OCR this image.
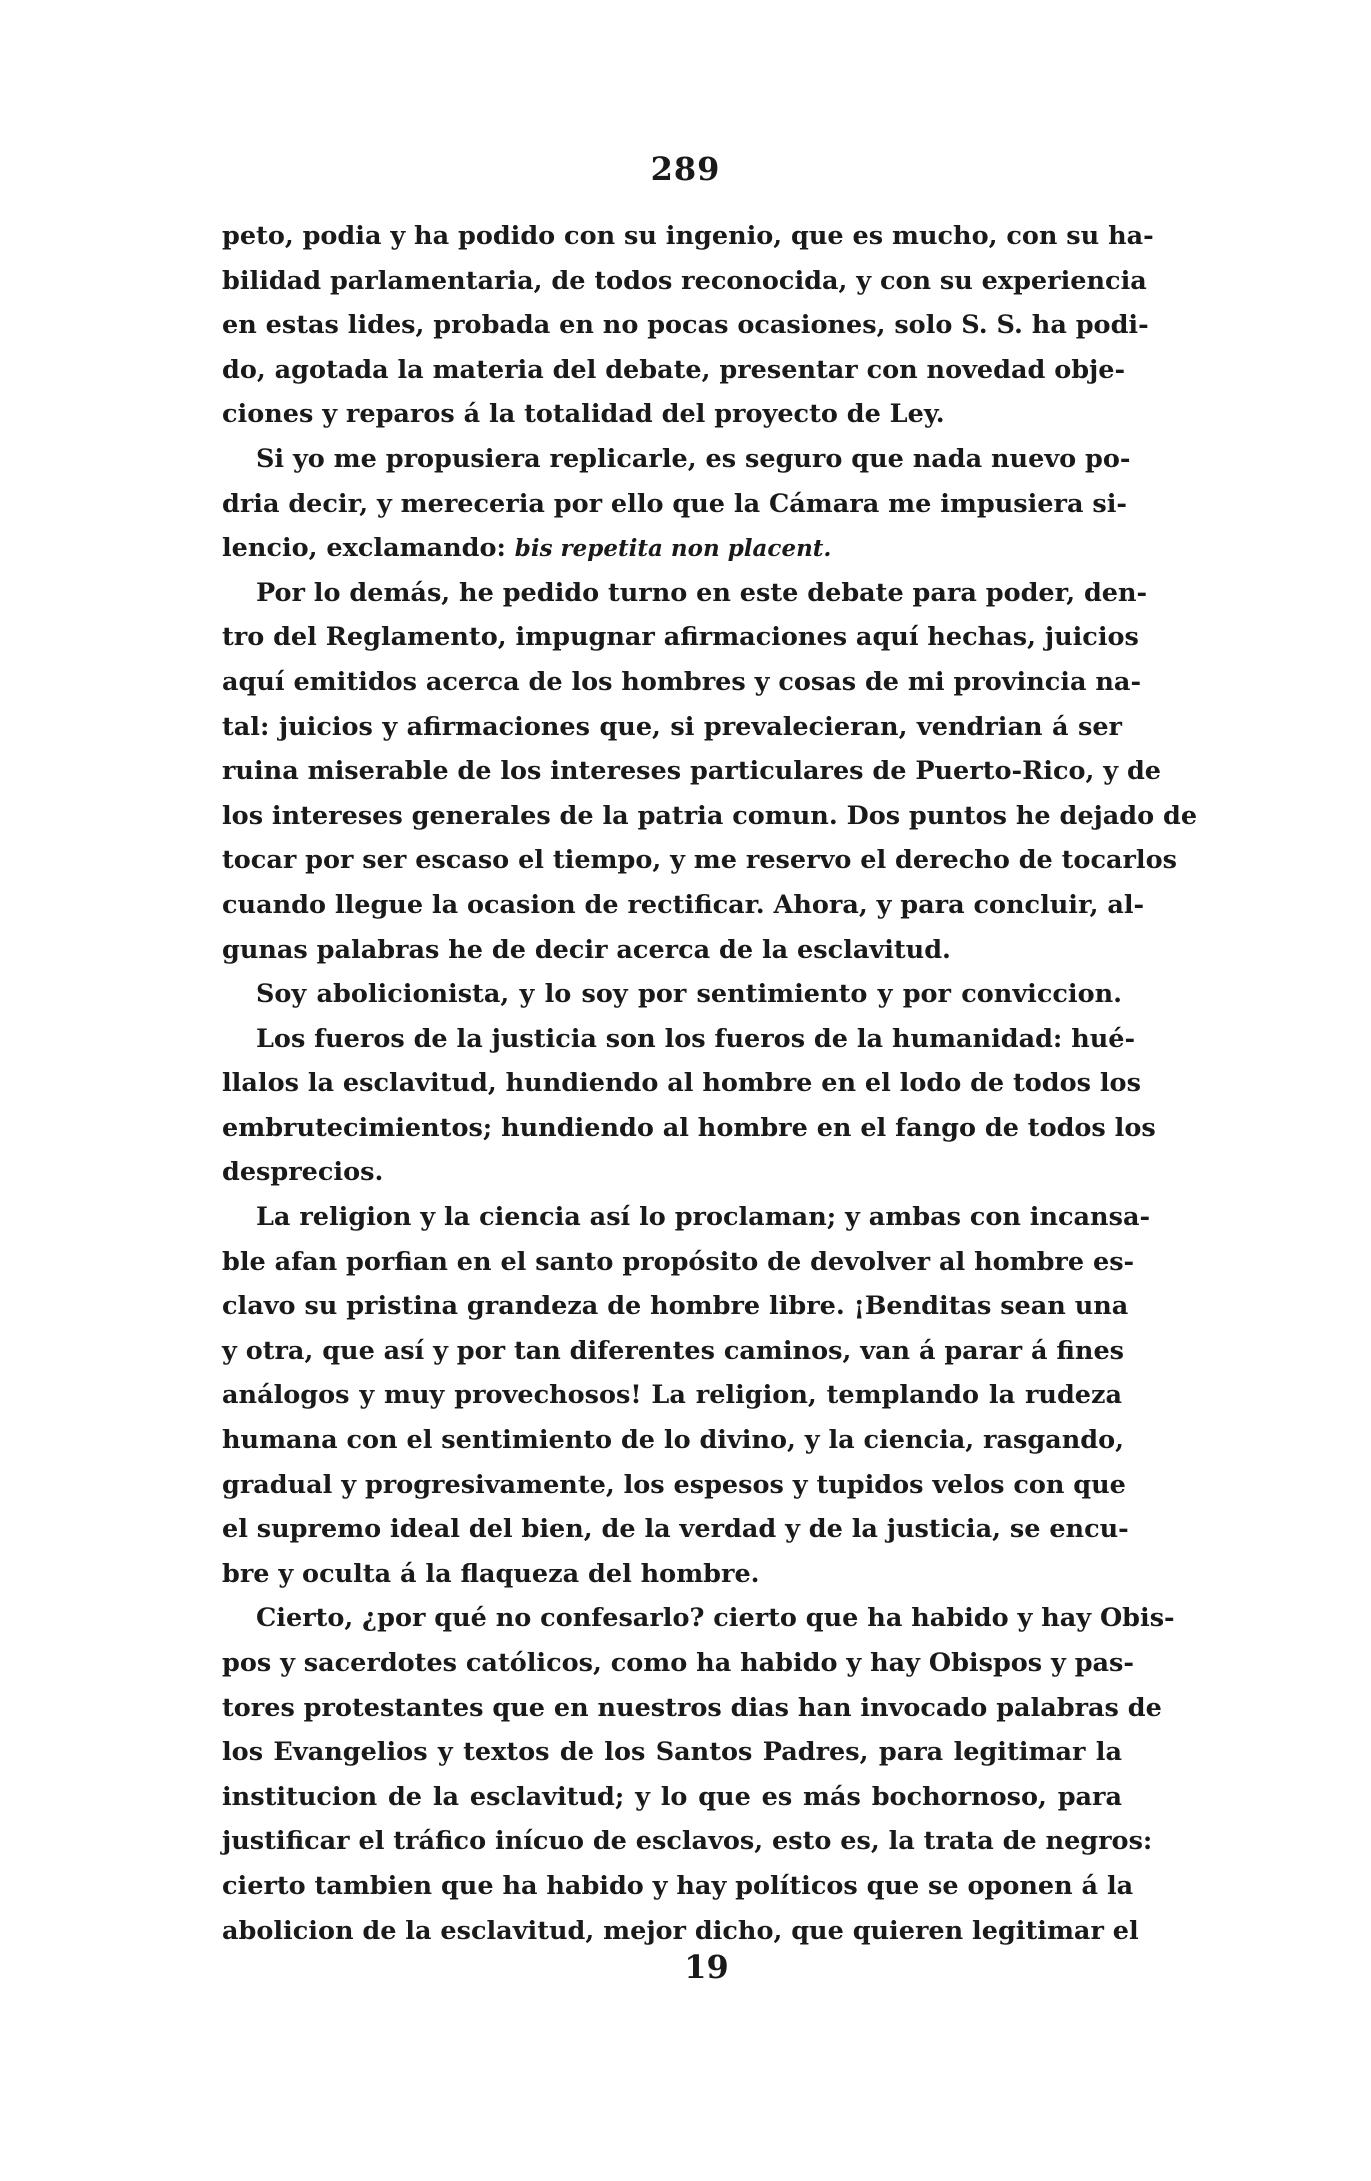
289
peto, podia y ha podido con su ingenio, que es mucho, con su ha-
bilidad parlamentaria, de todos reconocida, y con su experiencia
en estas lides, probada en no pocas ocasiones, solo S. S. ha podi-
do, agotada la materia del debate, presentar con novedad obje-
ciones y reparos á la totalidad del proyecto de Ley.
Si yo me propusiera replicarle, es seguro que nada nuevo po-
dria decir, y mereceria por ello que la Cámara me impusiera si-
lencio, exclamando: bis repetita non placent.
Por lo demás, he pedido turno en este debate para poder, den-
tro del Reglamento, impugnar afirmaciones aquí hechas, juicios
aquí emitidos acerca de los hombres y cosas de mi provincia na-
tal: juicios y afirmaciones que, si prevalecieran, vendrian á ser
ruina miserable de los intereses particulares de Puerto-Rico, y de
los intereses generales de la patria comun. Dos puntos he dejado de
tocar por ser escaso el tiempo, y me reservo el derecho de tocarlos
cuando llegue la ocasion de rectificar. Ahora, y para concluir, al-
gunas palabras he de decir acerca de la esclavitud.
Soy abolicionista, y lo soy por sentimiento y por conviccion.
Los fueros de la justicia son los fueros de la humanidad: hué-
llalos la esclavitud, hundiendo al hombre en el lodo de todos los
embrutecimientos; hundiendo al hombre en el fango de todos los
desprecios.
La religion y la ciencia así lo proclaman; y ambas con incansa-
ble afan porfian en el santo propósito de devolver al hombre es-
clavo su pristina grandeza de hombre libre. ¡Benditas sean una
y otra, que así y por tan diferentes caminos, van á parar á fines
análogos y muy provechosos! La religion, templando la rudeza
humana con el sentimiento de lo divino, y la ciencia, rasgando,
gradual y progresivamente, los espesos y tupidos velos con que
el supremo ideal del bien, de la verdad y de la justicia, se encu-
bre y oculta á la flaqueza del hombre.
Cierto, ¿por qué no confesarlo? cierto que ha habido y hay Obis-
pos y sacerdotes católicos, como ha habido y hay Obispos y pas-
tores protestantes que en nuestros dias han invocado palabras de
los Evangelios y textos de los Santos Padres, para legitimar la
institucion de la esclavitud; y lo que es más bochornoso, para
justificar el tráfico inícuo de esclavos, esto es, la trata de negros:
cierto tambien que ha habido y hay políticos que se oponen á la
abolicion de la esclavitud, mejor dicho, que quieren legitimar el
19
